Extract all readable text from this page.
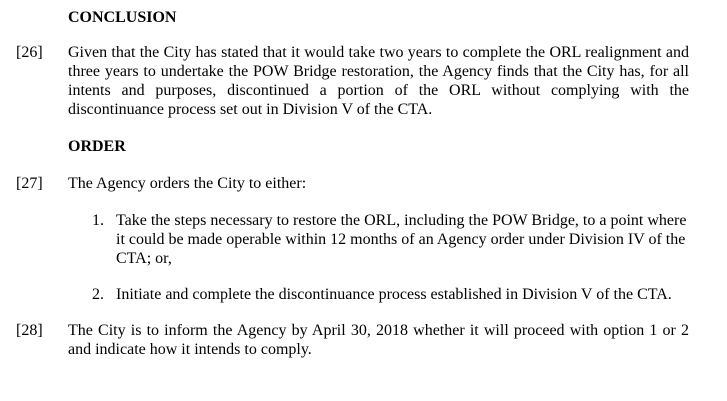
CONCLUSION
[26] Given that the City has stated that it would take two years to complete the ORL realignment and three years to undertake the POW Bridge restoration, the Agency finds that the City has, for all intents and purposes, discontinued a portion of the ORL without complying with the discontinuance process set out in Division V of the CTA.

ORDER
[27] The Agency orders the City to either:

1. Take the steps necessary to restore the ORL, including the POW Bridge, to a point where it could be made operable within 12 months of an Agency order under Division IV of the CTA; or,

2. Initiate and complete the discontinuance process established in Division V of the CTA.

[28] The City is to inform the Agency by April 30, 2018 whether it will proceed with option 1 or 2 and indicate how it intends to comply.
